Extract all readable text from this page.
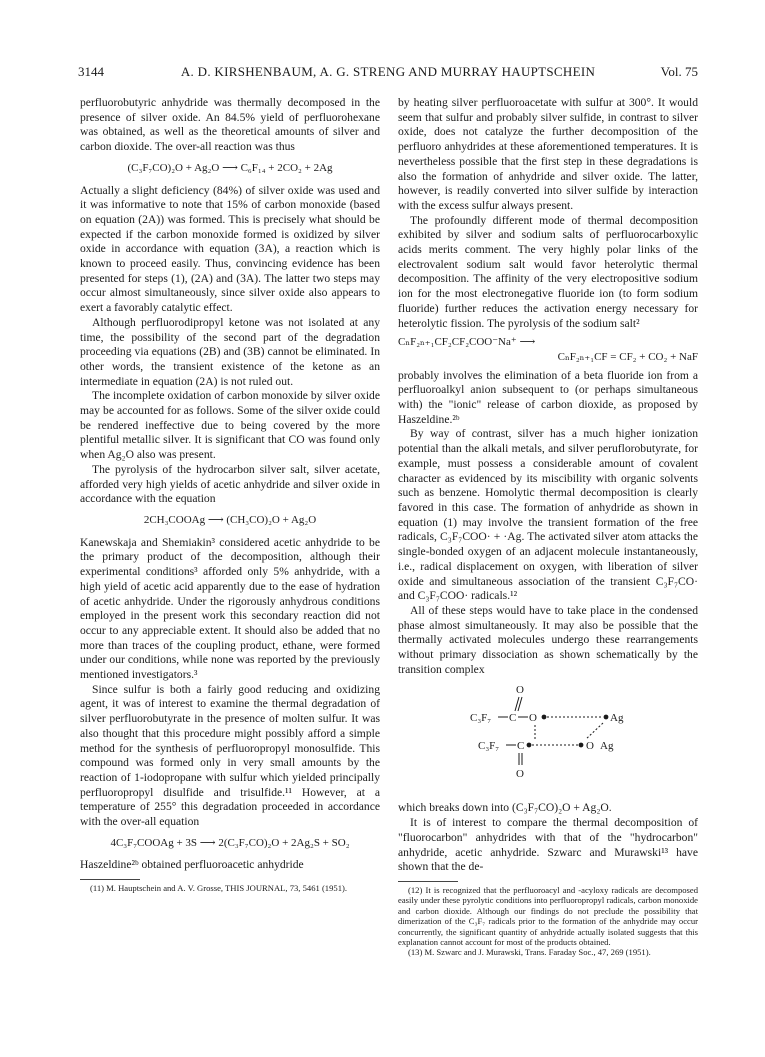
3144	A. D. KIRSHENBAUM, A. G. STRENG AND MURRAY HAUPTSCHEIN	Vol. 75

perfluorobutyric anhydride was thermally decomposed in the presence of silver oxide. An 84.5% yield of perfluorohexane was obtained, as well as the theoretical amounts of silver and carbon dioxide. The over-all reaction was thus

(C₃F₇CO)₂O + Ag₂O ⟶ C₆F₁₄ + 2CO₂ + 2Ag

Actually a slight deficiency (84%) of silver oxide was used and it was informative to note that 15% of carbon monoxide (based on equation (2A)) was formed. This is precisely what should be expected if the carbon monoxide formed is oxidized by silver oxide in accordance with equation (3A), a reaction which is known to proceed easily. Thus, convincing evidence has been presented for steps (1), (2A) and (3A). The latter two steps may occur almost simultaneously, since silver oxide also appears to exert a favorably catalytic effect.

Although perfluorodipropyl ketone was not isolated at any time, the possibility of the second part of the degradation proceeding via equations (2B) and (3B) cannot be eliminated. In other words, the transient existence of the ketone as an intermediate in equation (2A) is not ruled out.

The incomplete oxidation of carbon monoxide by silver oxide may be accounted for as follows. Some of the silver oxide could be rendered ineffective due to being covered by the more plentiful metallic silver. It is significant that CO was found only when Ag₂O also was present.

The pyrolysis of the hydrocarbon silver salt, silver acetate, afforded very high yields of acetic anhydride and silver oxide in accordance with the equation

2CH₃COOAg ⟶ (CH₃CO)₂O + Ag₂O

Kanewskaja and Shemiakin³ considered acetic anhydride to be the primary product of the decomposition, although their experimental conditions³ afforded only 5% anhydride, with a high yield of acetic acid apparently due to the ease of hydration of acetic anhydride. Under the rigorously anhydrous conditions employed in the present work this secondary reaction did not occur to any appreciable extent. It should also be added that no more than traces of the coupling product, ethane, were formed under our conditions, while none was reported by the previously mentioned investigators.³

Since sulfur is both a fairly good reducing and oxidizing agent, it was of interest to examine the thermal degradation of silver perfluorobutyrate in the presence of molten sulfur. It was also thought that this procedure might possibly afford a simple method for the synthesis of perfluoropropyl monosulfide. This compound was formed only in very small amounts by the reaction of 1-iodopropane with sulfur which yielded principally perfluoropropyl disulfide and trisulfide.¹¹ However, at a temperature of 255° this degradation proceeded in accordance with the over-all equation

4C₃F₇COOAg + 3S ⟶ 2(C₃F₇CO)₂O + 2Ag₂S + SO₂

Haszeldine²ᵇ obtained perfluoroacetic anhydride

(11) M. Hauptschein and A. V. Grosse, THIS JOURNAL, 73, 5461 (1951).

by heating silver perfluoroacetate with sulfur at 300°. It would seem that sulfur and probably silver sulfide, in contrast to silver oxide, does not catalyze the further decomposition of the perfluoro anhydrides at these aforementioned temperatures. It is nevertheless possible that the first step in these degradations is also the formation of anhydride and silver oxide. The latter, however, is readily converted into silver sulfide by interaction with the excess sulfur always present.

The profoundly different mode of thermal decomposition exhibited by silver and sodium salts of perfluorocarboxylic acids merits comment. The very highly polar links of the electrovalent sodium salt would favor heterolytic thermal decomposition. The affinity of the very electropositive sodium ion for the most electronegative fluoride ion (to form sodium fluoride) further reduces the activation energy necessary for heterolytic fission. The pyrolysis of the sodium salt²

CₙF₂ₙ₊₁CF₂CF₂COO⁻Na⁺ ⟶
CₙF₂ₙ₊₁CF = CF₂ + CO₂ + NaF

probably involves the elimination of a beta fluoride ion from a perfluoroalkyl anion subsequent to (or perhaps simultaneous with) the "ionic" release of carbon dioxide, as proposed by Haszeldine.²ᵇ

By way of contrast, silver has a much higher ionization potential than the alkali metals, and silver peruflorobutyrate, for example, must possess a considerable amount of covalent character as evidenced by its miscibility with organic solvents such as benzene. Homolytic thermal decomposition is clearly favored in this case. The formation of anhydride as shown in equation (1) may involve the transient formation of the free radicals, C₃F₇COO· + ·Ag. The activated silver atom attacks the single-bonded oxygen of an adjacent molecule instantaneously, i.e., radical displacement on oxygen, with liberation of silver oxide and simultaneous association of the transient C₃F₇CO· and C₃F₇COO· radicals.¹²

All of these steps would have to take place in the condensed phase almost simultaneously. It may also be possible that the thermally activated molecules undergo these rearrangements without primary dissociation as shown schematically by the transition complex

O
C₃F₇ C O	Ag
C₃F₇ C	O Ag
O

which breaks down into (C₃F₇CO)₂O + Ag₂O.

It is of interest to compare the thermal decomposition of "fluorocarbon" anhydrides with that of the "hydrocarbon" anhydride, acetic anhydride. Szwarc and Murawski¹³ have shown that the de-

(12) It is recognized that the perfluoroacyl and -acyloxy radicals are decomposed easily under these pyrolytic conditions into perfluoropropyl radicals, carbon monoxide and carbon dioxide. Although our findings do not preclude the possibility that dimerization of the C₃F₇ radicals prior to the formation of the anhydride may occur concurrently, the significant quantity of anhydride actually isolated suggests that this explanation cannot account for most of the products obtained.

(13) M. Szwarc and J. Murawski, Trans. Faraday Soc., 47, 269 (1951).
